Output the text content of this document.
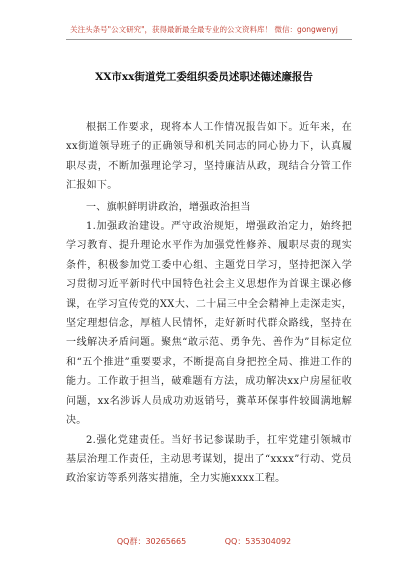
关注头条号"公文研究"，获得最新最全最专业的公文资料库！ 微信：gongwenyj
XX市xx街道党工委组织委员述职述德述廉报告

根据工作要求，现将本人工作情况报告如下。近年来，在xx街道领导班子的正确领导和机关同志的同心协力下，认真履职尽责，不断加强理论学习，坚持廉洁从政，现结合分管工作汇报如下。

一、旗帜鲜明讲政治，增强政治担当

1.加强政治建设。严守政治规矩，增强政治定力，始终把学习教育、提升理论水平作为加强党性修养、履职尽责的现实条件，积极参加党工委中心组、主题党日学习，坚持把深入学习贯彻习近平新时代中国特色社会主义思想作为首课主课必修课，在学习宣传党的XX大、二十届三中全会精神上走深走实，坚定理想信念，厚植人民情怀，走好新时代群众路线，坚持在一线解决矛盾问题。聚焦“敢示范、勇争先、善作为”目标定位和“五个推进”重要要求，不断提高自身把控全局、推进工作的能力。工作敢于担当，破难题有方法，成功解决xx户房屋征收问题，xx名涉诉人员成功劝返销号，糞革环保事件较圆满地解决。

2.强化党建责任。当好书记参谋助手，扛牢党建引领城市基层治理工作责任，主动思考谋划，提出了“xxxx”行动、党员政治家访等系列落实措施，全力实施xxxx工程。

QQ群：30265665	QQ：535304092
